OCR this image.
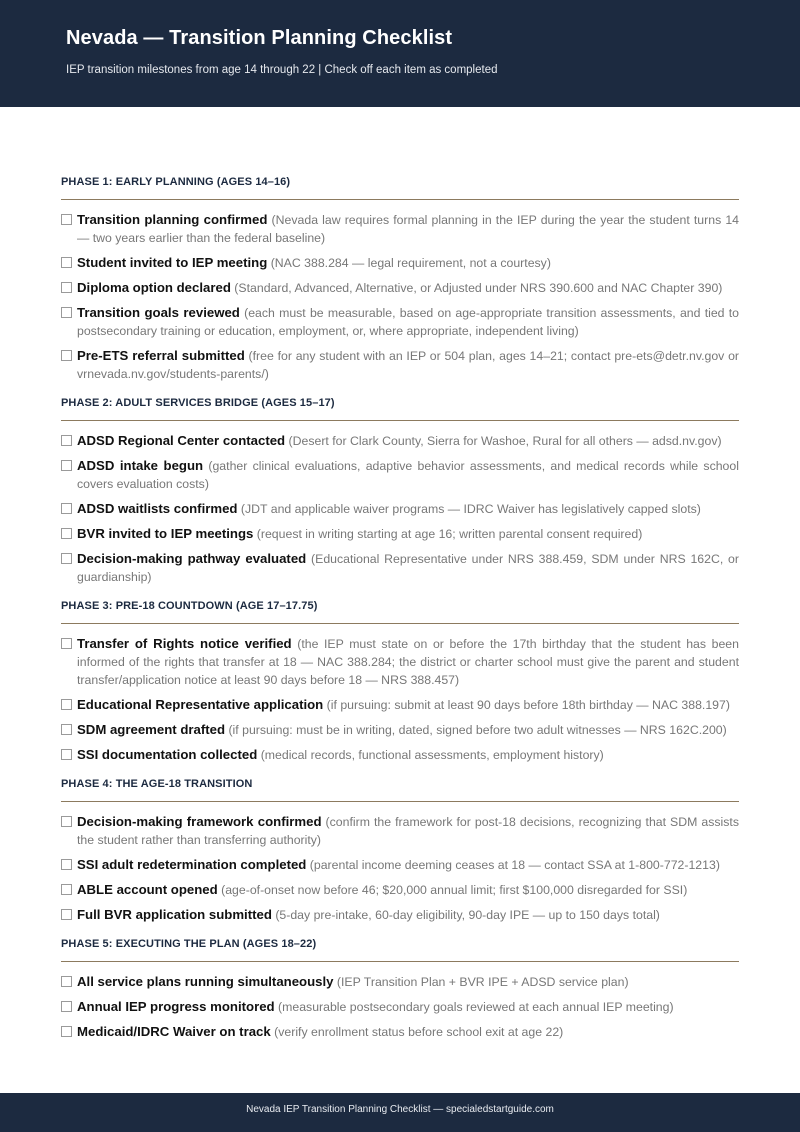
Nevada — Transition Planning Checklist
IEP transition milestones from age 14 through 22 | Check off each item as completed
PHASE 1: EARLY PLANNING (AGES 14–16)
Transition planning confirmed (Nevada law requires formal planning in the IEP during the year the student turns 14 — two years earlier than the federal baseline)
Student invited to IEP meeting (NAC 388.284 — legal requirement, not a courtesy)
Diploma option declared (Standard, Advanced, Alternative, or Adjusted under NRS 390.600 and NAC Chapter 390)
Transition goals reviewed (each must be measurable, based on age-appropriate transition assessments, and tied to postsecondary training or education, employment, or, where appropriate, independent living)
Pre-ETS referral submitted (free for any student with an IEP or 504 plan, ages 14–21; contact pre-ets@detr.nv.gov or vrnevada.nv.gov/students-parents/)
PHASE 2: ADULT SERVICES BRIDGE (AGES 15–17)
ADSD Regional Center contacted (Desert for Clark County, Sierra for Washoe, Rural for all others — adsd.nv.gov)
ADSD intake begun (gather clinical evaluations, adaptive behavior assessments, and medical records while school covers evaluation costs)
ADSD waitlists confirmed (JDT and applicable waiver programs — IDRC Waiver has legislatively capped slots)
BVR invited to IEP meetings (request in writing starting at age 16; written parental consent required)
Decision-making pathway evaluated (Educational Representative under NRS 388.459, SDM under NRS 162C, or guardianship)
PHASE 3: PRE-18 COUNTDOWN (AGE 17–17.75)
Transfer of Rights notice verified (the IEP must state on or before the 17th birthday that the student has been informed of the rights that transfer at 18 — NAC 388.284; the district or charter school must give the parent and student transfer/application notice at least 90 days before 18 — NRS 388.457)
Educational Representative application (if pursuing: submit at least 90 days before 18th birthday — NAC 388.197)
SDM agreement drafted (if pursuing: must be in writing, dated, signed before two adult witnesses — NRS 162C.200)
SSI documentation collected (medical records, functional assessments, employment history)
PHASE 4: THE AGE-18 TRANSITION
Decision-making framework confirmed (confirm the framework for post-18 decisions, recognizing that SDM assists the student rather than transferring authority)
SSI adult redetermination completed (parental income deeming ceases at 18 — contact SSA at 1-800-772-1213)
ABLE account opened (age-of-onset now before 46; $20,000 annual limit; first $100,000 disregarded for SSI)
Full BVR application submitted (5-day pre-intake, 60-day eligibility, 90-day IPE — up to 150 days total)
PHASE 5: EXECUTING THE PLAN (AGES 18–22)
All service plans running simultaneously (IEP Transition Plan + BVR IPE + ADSD service plan)
Annual IEP progress monitored (measurable postsecondary goals reviewed at each annual IEP meeting)
Medicaid/IDRC Waiver on track (verify enrollment status before school exit at age 22)
Nevada IEP Transition Planning Checklist — specialedstartguide.com
